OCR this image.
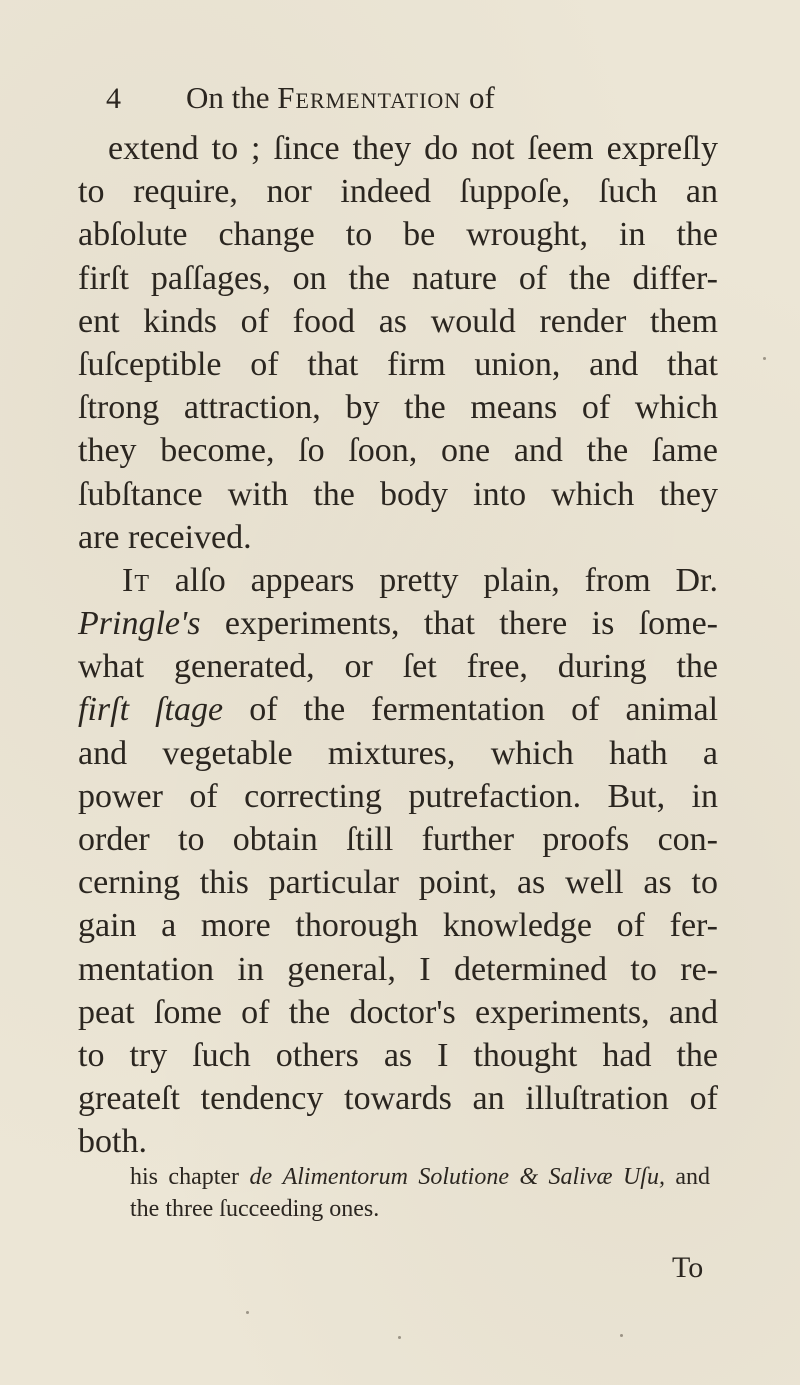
4 On the Fermentation of
extend to ; ſince they do not ſeem expreſly
to require, nor indeed ſuppoſe, ſuch an
abſolute change to be wrought, in the
firſt paſſages, on the nature of the differ-
ent kinds of food as would render them
ſuſceptible of that firm union, and that
ſtrong attraction, by the means of which
they become, ſo ſoon, one and the ſame
ſubſtance with the body into which they
are received.
It alſo appears pretty plain, from Dr.
Pringle's experiments, that there is ſome-
what generated, or ſet free, during the
firſt ſtage of the fermentation of animal
and vegetable mixtures, which hath a
power of correcting putrefaction. But, in
order to obtain ſtill further proofs con-
cerning this particular point, as well as to
gain a more thorough knowledge of fer-
mentation in general, I determined to re-
peat ſome of the doctor's experiments, and
to try ſuch others as I thought had the
greateſt tendency towards an illuſtration of
both.
his chapter de Alimentorum Solutione & Salivæ Uſu, and
the three ſucceeding ones.
To
